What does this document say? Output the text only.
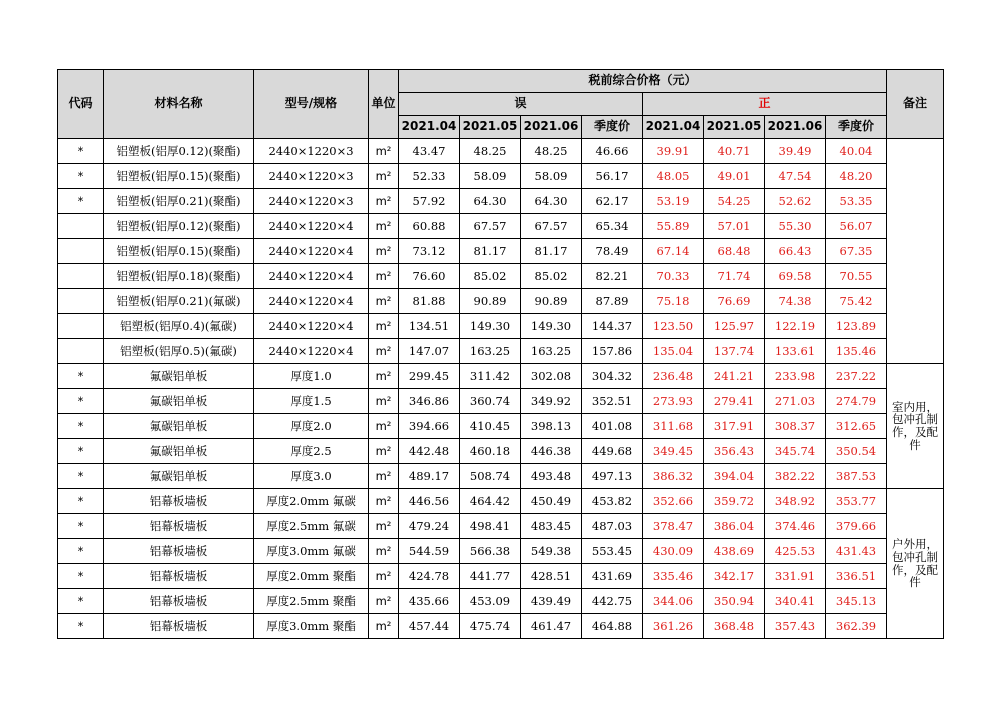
代码	材料名称	型号/规格	单位	税前综合价格（元）								备注
				误				正				
				2021.04	2021.05	2021.06	季度价	2021.04	2021.05	2021.06	季度价	
*	铝塑板(铝厚0.12)(聚酯)	2440×1220×3	m²	43.47	48.25	48.25	46.66	39.91	40.71	39.49	40.04	
*	铝塑板(铝厚0.15)(聚酯)	2440×1220×3	m²	52.33	58.09	58.09	56.17	48.05	49.01	47.54	48.20	
*	铝塑板(铝厚0.21)(聚酯)	2440×1220×3	m²	57.92	64.30	64.30	62.17	53.19	54.25	52.62	53.35	
	铝塑板(铝厚0.12)(聚酯)	2440×1220×4	m²	60.88	67.57	67.57	65.34	55.89	57.01	55.30	56.07	
	铝塑板(铝厚0.15)(聚酯)	2440×1220×4	m²	73.12	81.17	81.17	78.49	67.14	68.48	66.43	67.35	
	铝塑板(铝厚0.18)(聚酯)	2440×1220×4	m²	76.60	85.02	85.02	82.21	70.33	71.74	69.58	70.55	
	铝塑板(铝厚0.21)(氟碳)	2440×1220×4	m²	81.88	90.89	90.89	87.89	75.18	76.69	74.38	75.42	
	铝塑板(铝厚0.4)(氟碳)	2440×1220×4	m²	134.51	149.30	149.30	144.37	123.50	125.97	122.19	123.89	
	铝塑板(铝厚0.5)(氟碳)	2440×1220×4	m²	147.07	163.25	163.25	157.86	135.04	137.74	133.61	135.46	
*	氟碳铝单板	厚度1.0	m²	299.45	311.42	302.08	304.32	236.48	241.21	233.98	237.22	室内用，包冲孔制作，及配件
*	氟碳铝单板	厚度1.5	m²	346.86	360.74	349.92	352.51	273.93	279.41	271.03	274.79	
*	氟碳铝单板	厚度2.0	m²	394.66	410.45	398.13	401.08	311.68	317.91	308.37	312.65	
*	氟碳铝单板	厚度2.5	m²	442.48	460.18	446.38	449.68	349.45	356.43	345.74	350.54	
*	氟碳铝单板	厚度3.0	m²	489.17	508.74	493.48	497.13	386.32	394.04	382.22	387.53	
*	铝幕板墙板	厚度2.0mm 氟碳	m²	446.56	464.42	450.49	453.82	352.66	359.72	348.92	353.77	户外用，包冲孔制作，及配件
*	铝幕板墙板	厚度2.5mm 氟碳	m²	479.24	498.41	483.45	487.03	378.47	386.04	374.46	379.66	
*	铝幕板墙板	厚度3.0mm 氟碳	m²	544.59	566.38	549.38	553.45	430.09	438.69	425.53	431.43	
*	铝幕板墙板	厚度2.0mm 聚酯	m²	424.78	441.77	428.51	431.69	335.46	342.17	331.91	336.51	
*	铝幕板墙板	厚度2.5mm 聚酯	m²	435.66	453.09	439.49	442.75	344.06	350.94	340.41	345.13	
*	铝幕板墙板	厚度3.0mm 聚酯	m²	457.44	475.74	461.47	464.88	361.26	368.48	357.43	362.39	
